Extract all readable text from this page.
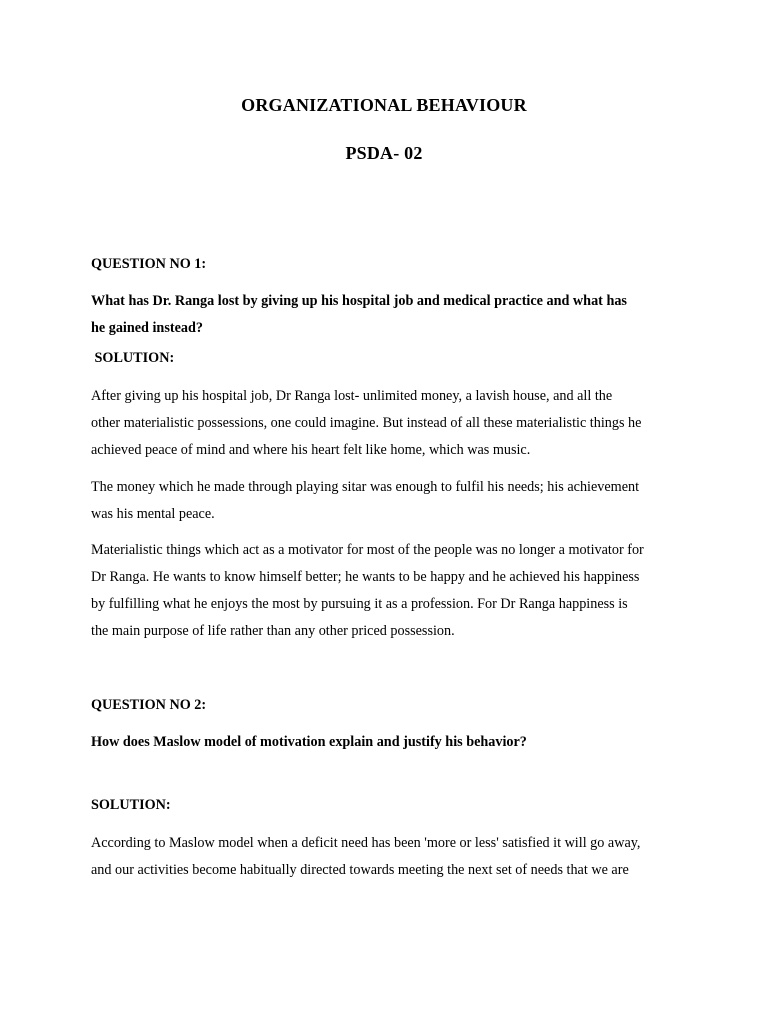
ORGANIZATIONAL BEHAVIOUR
PSDA- 02
QUESTION NO 1:
What has Dr. Ranga lost by giving up his hospital job and medical practice and what has
he gained instead?
SOLUTION:
After giving up his hospital job, Dr Ranga lost- unlimited money, a lavish house, and all the
other materialistic possessions, one could imagine. But instead of all these materialistic things he
achieved peace of mind and where his heart felt like home, which was music.
The money which he made through playing sitar was enough to fulfil his needs; his achievement
was his mental peace.
Materialistic things which act as a motivator for most of the people was no longer a motivator for
Dr Ranga. He wants to know himself better; he wants to be happy and he achieved his happiness
by fulfilling what he enjoys the most by pursuing it as a profession. For Dr Ranga happiness is
the main purpose of life rather than any other priced possession.
QUESTION NO 2:
How does Maslow model of motivation explain and justify his behavior?
SOLUTION:
According to Maslow model when a deficit need has been 'more or less' satisfied it will go away,
and our activities become habitually directed towards meeting the next set of needs that we are
